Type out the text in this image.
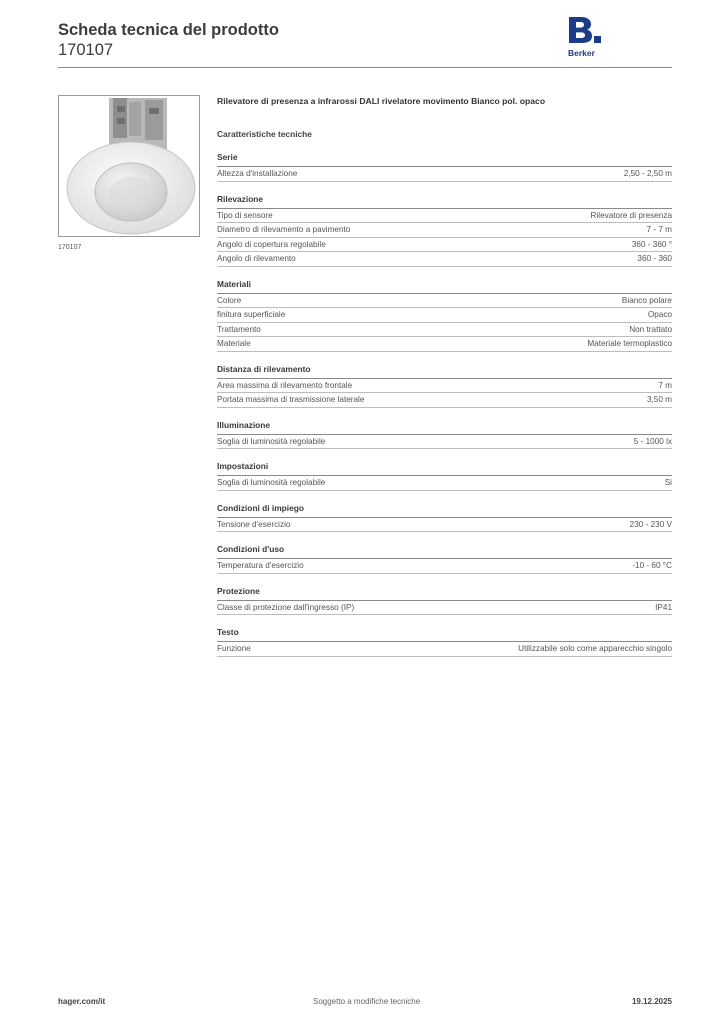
Scheda tecnica del prodotto
170107	Berker
170107
Rilevatore di presenza a infrarossi DALI rivelatore movimento Bianco pol. opaco
Caratteristiche tecniche
Serie
Altezza d'installazione	2,50 - 2,50 m
Rilevazione
Tipo di sensore	Rilevatore di presenza
Diametro di rilevamento a pavimento	7 - 7 m
Angolo di copertura regolabile	360 - 360 °
Angolo di rilevamento	360 - 360
Materiali
Colore	Bianco polare
finitura superficiale	Opaco
Trattamento	Non trattato
Materiale	Materiale termoplastico
Distanza di rilevamento
Area massima di rilevamento frontale	7 m
Portata massima di trasmissione laterale	3,50 m
Illuminazione
Soglia di luminosità regolabile	5 - 1000 lx
Impostazioni
Soglia di luminosità regolabile	Si
Condizioni di impiego
Tensione d'esercizio	230 - 230 V
Condizioni d'uso
Temperatura d'esercizio	-10 - 60 °C
Protezione
Classe di protezione dall'ingresso (IP)	IP41
Testo
Funzione	Utilizzabile solo come apparecchio singolo
hager.com/it	Soggetto a modifiche tecniche	19.12.2025
